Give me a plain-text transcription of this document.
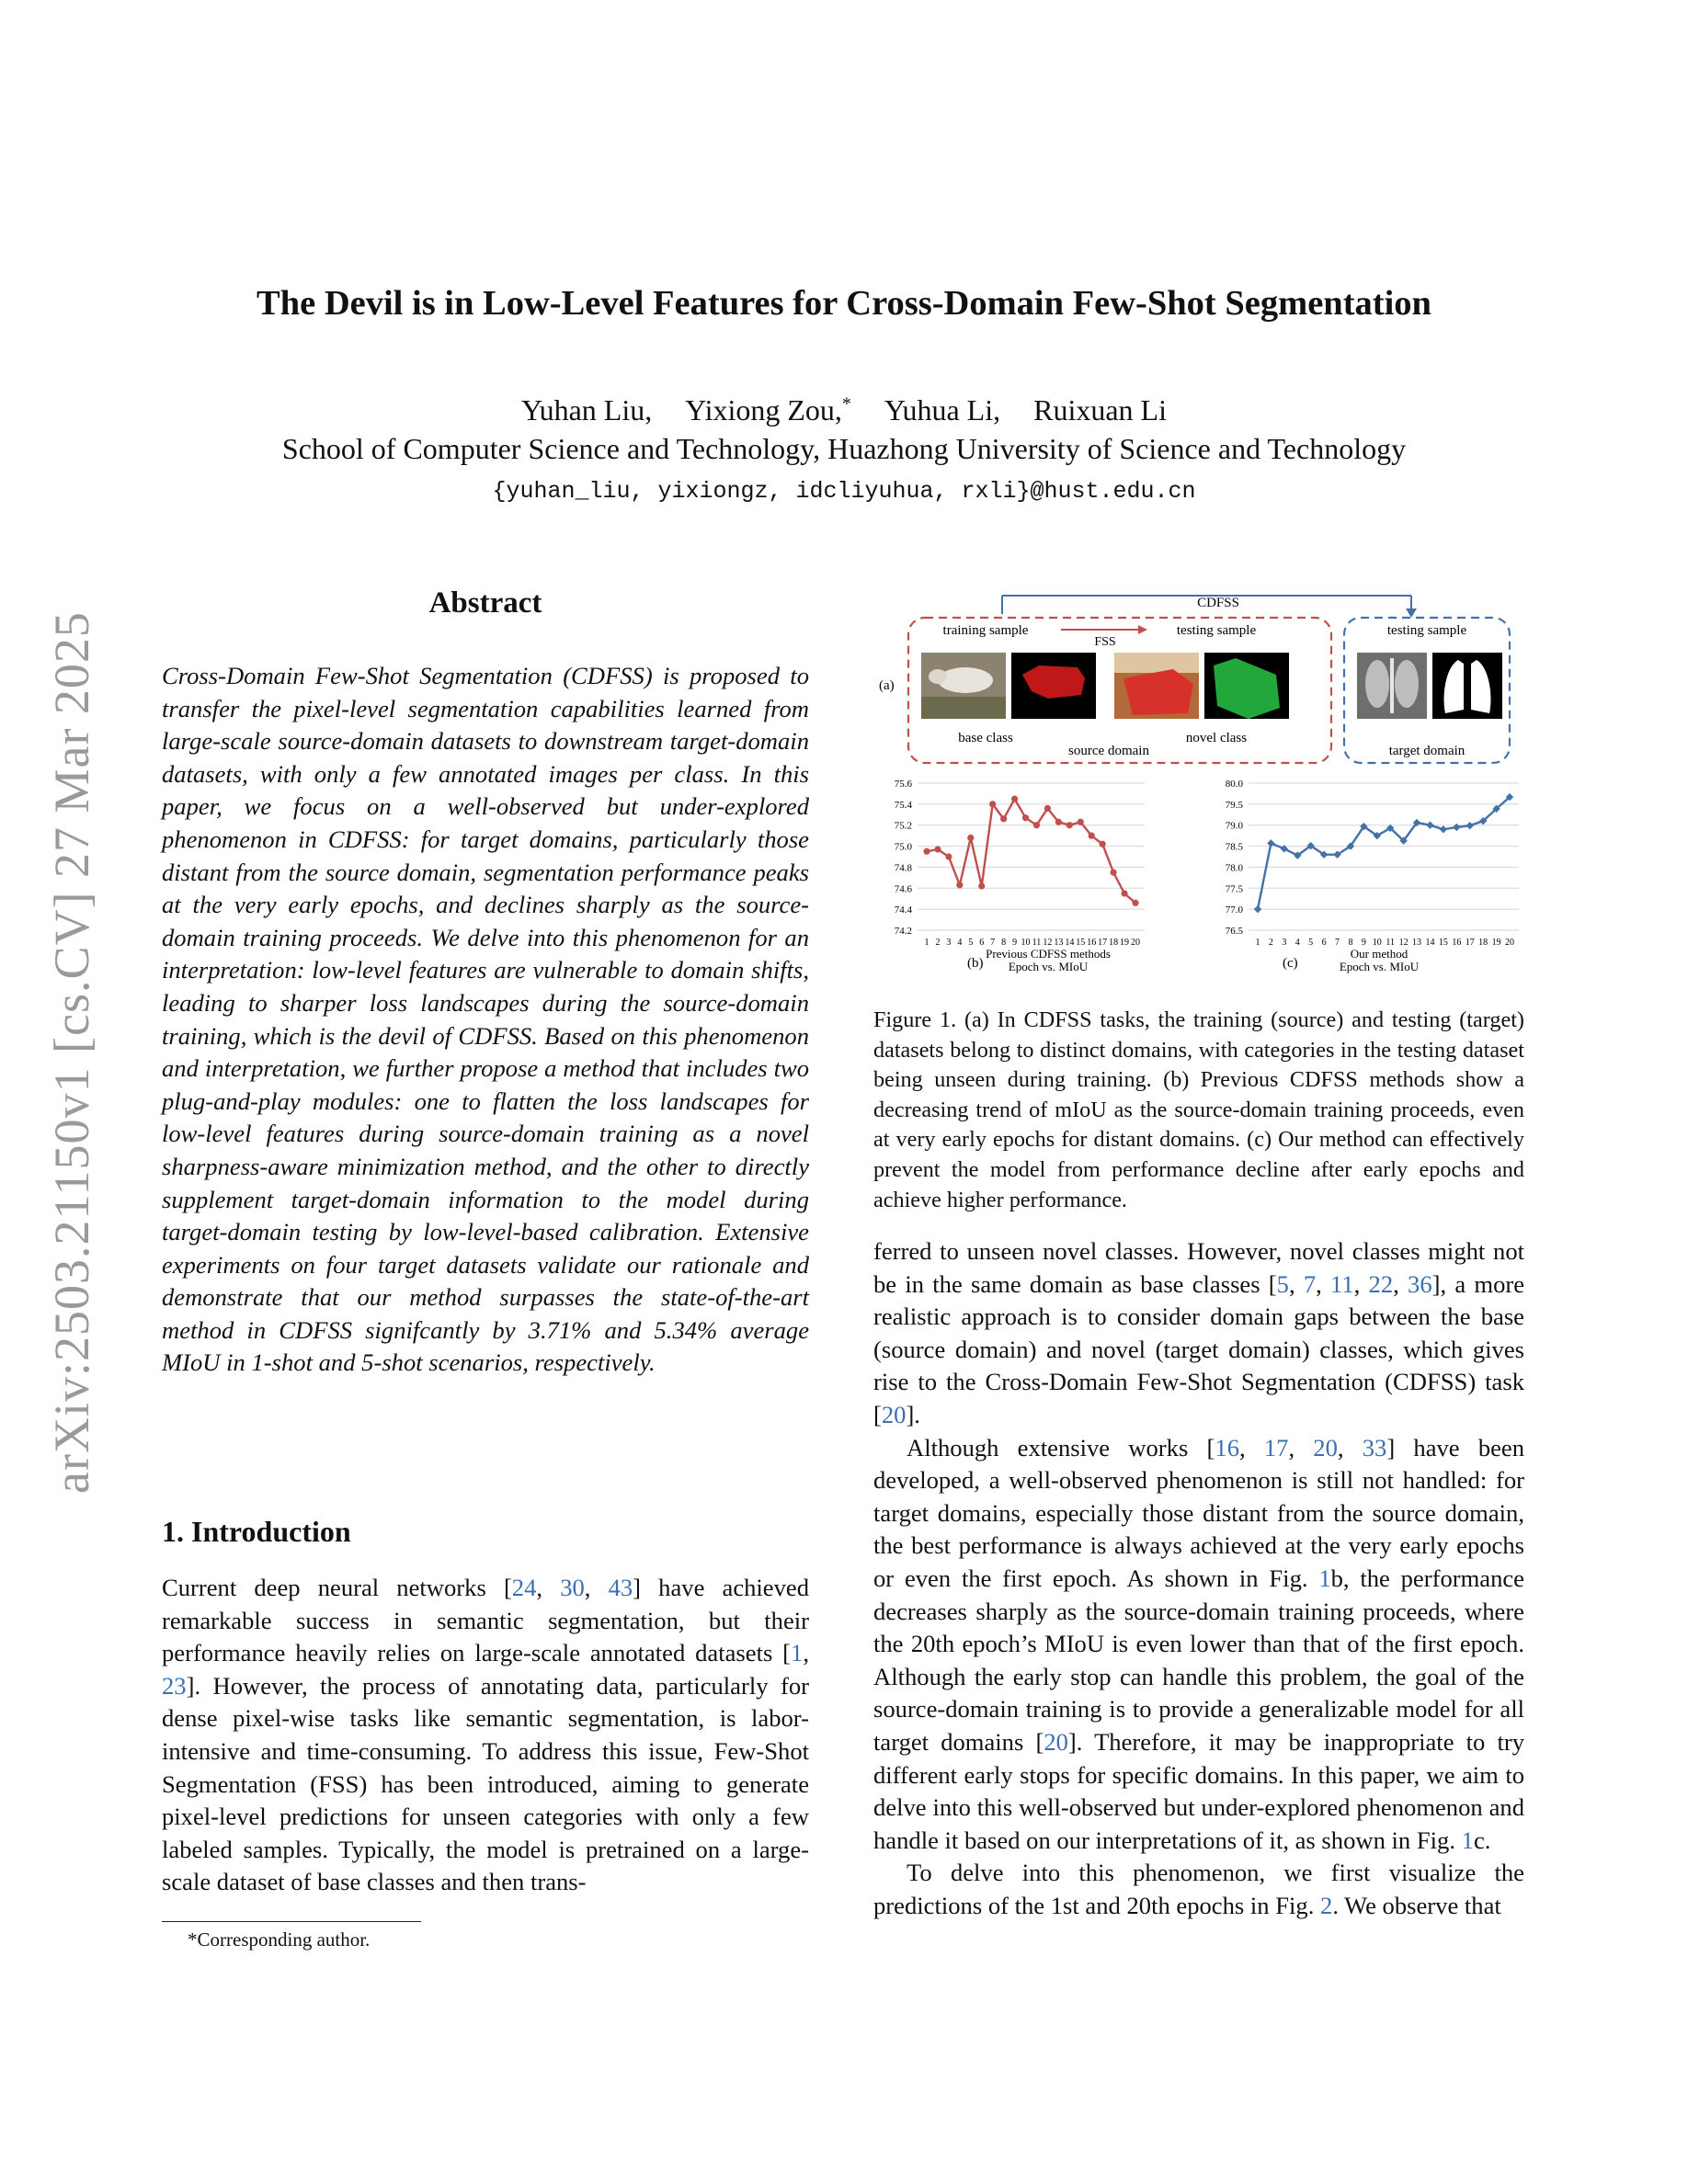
arXiv:2503.21150v1 [cs.CV] 27 Mar 2025
The Devil is in Low-Level Features for Cross-Domain Few-Shot Segmentation
Yuhan Liu, Yixiong Zou,* Yuhua Li, Ruixuan Li
School of Computer Science and Technology, Huazhong University of Science and Technology
{yuhan_liu, yixiongz, idcliyuhua, rxli}@hust.edu.cn
Abstract

Cross-Domain Few-Shot Segmentation (CDFSS) is proposed to transfer the pixel-level segmentation capabilities learned from large-scale source-domain datasets to downstream target-domain datasets, with only a few annotated images per class. In this paper, we focus on a well-observed but under-explored phenomenon in CDFSS: for target domains, particularly those distant from the source domain, segmentation performance peaks at the very early epochs, and declines sharply as the source-domain training proceeds. We delve into this phenomenon for an interpretation: low-level features are vulnerable to domain shifts, leading to sharper loss landscapes during the source-domain training, which is the devil of CDFSS. Based on this phenomenon and interpretation, we further propose a method that includes two plug-and-play modules: one to flatten the loss landscapes for low-level features during source-domain training as a novel sharpness-aware minimization method, and the other to directly supplement target-domain information to the model during target-domain testing by low-level-based calibration. Extensive experiments on four target datasets validate our rationale and demonstrate that our method surpasses the state-of-the-art method in CDFSS signifcantly by 3.71% and 5.34% average MIoU in 1-shot and 5-shot scenarios, respectively.

1. Introduction

Current deep neural networks [24, 30, 43] have achieved remarkable success in semantic segmentation, but their performance heavily relies on large-scale annotated datasets [1, 23]. However, the process of annotating data, particularly for dense pixel-wise tasks like semantic segmentation, is labor-intensive and time-consuming. To address this issue, Few-Shot Segmentation (FSS) has been introduced, aiming to generate pixel-level predictions for unseen categories with only a few labeled samples. Typically, the model is pretrained on a large-scale dataset of base classes and then trans-

*Corresponding author.
CDFSS
(a)
training sample
FSS
testing sample	testing sample
base class	novel class
source domain	target domain
75.6
75.4
75.2
75.0
74.8
74.6
74.4
74.2
1 2 3 4 5 6 7 8 9 10 11 12 13 14 15 16 17 18 19 20
80.0
79.5
79.0
78.5
78.0
77.5
77.0
76.5
1 2 3 4 5 6 7 8 9 10 11 12 13 14 15 16 17 18 19 20
(b)
Previous CDFSS methods
Epoch vs. MIoU	(c)
Our method
Epoch vs. MIoU

Figure 1. (a) In CDFSS tasks, the training (source) and testing (target) datasets belong to distinct domains, with categories in the testing dataset being unseen during training. (b) Previous CDFSS methods show a decreasing trend of mIoU as the source-domain training proceeds, even at very early epochs for distant domains. (c) Our method can effectively prevent the model from performance decline after early epochs and achieve higher performance.

ferred to unseen novel classes. However, novel classes might not be in the same domain as base classes [5, 7, 11, 22, 36], a more realistic approach is to consider domain gaps between the base (source domain) and novel (target domain) classes, which gives rise to the Cross-Domain Few-Shot Segmentation (CDFSS) task [20].

Although extensive works [16, 17, 20, 33] have been developed, a well-observed phenomenon is still not handled: for target domains, especially those distant from the source domain, the best performance is always achieved at the very early epochs or even the first epoch. As shown in Fig. 1b, the performance decreases sharply as the source-domain training proceeds, where the 20th epoch’s MIoU is even lower than that of the first epoch. Although the early stop can handle this problem, the goal of the source-domain training is to provide a generalizable model for all target domains [20]. Therefore, it may be inappropriate to try different early stops for specific domains. In this paper, we aim to delve into this well-observed but under-explored phenomenon and handle it based on our interpretations of it, as shown in Fig. 1c.

To delve into this phenomenon, we first visualize the predictions of the 1st and 20th epochs in Fig. 2. We observe that
